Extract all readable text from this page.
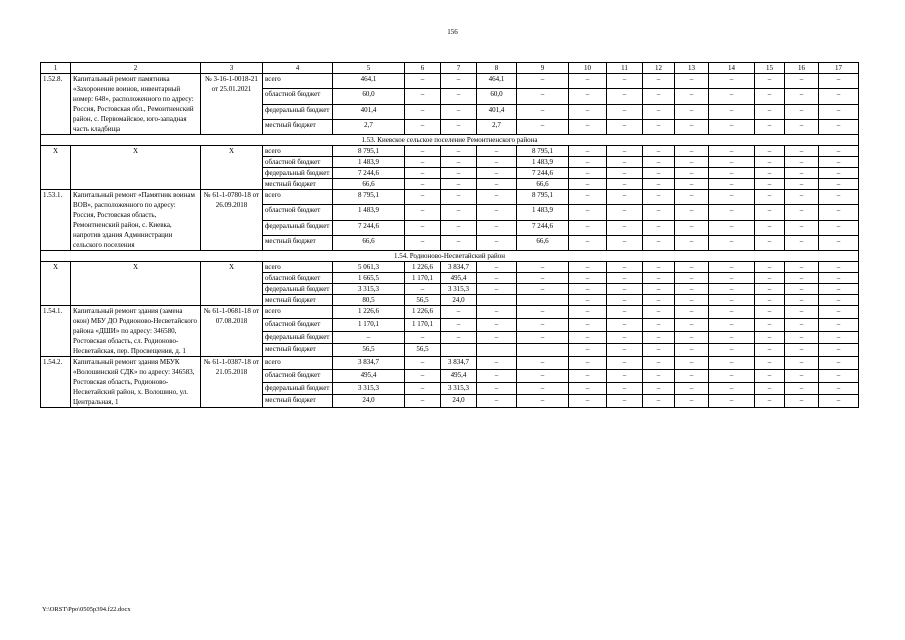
156
1	2	3	4	5	6	7	8	9	10	11	12	13	14	15	16	17
1.52.8.	Капитальный ремонт памятника «Захоронение воинов, инвентарный номер: 648», расположенного по адресу: Россия, Ростовская обл., Ремонтненский район, с. Первомайское, юго-западная часть кладбища	№ 3-16-1-0018-21 от 25.01.2021	всего	464,1	–	–	464,1	–	–	–	–	–	–	–	–	–
			областной бюджет	60,0	–	–	60,0	–	–	–	–	–	–	–	–	–
			федеральный бюджет	401,4	–	–	401,4	–	–	–	–	–	–	–	–	–
			местный бюджет	2,7	–	–	2,7	–	–	–	–	–	–	–	–	–
1.53. Киевское сельское поселение Ремонтненского района																
Х	Х	Х	всего	8 795,1	–	–	–	8 795,1	–	–	–	–	–	–	–	–
			областной бюджет	1 483,9	–	–	–	1 483,9	–	–	–	–	–	–	–	–
			федеральный бюджет	7 244,6	–	–	–	7 244,6	–	–	–	–	–	–	–	–
			местный бюджет	66,6	–	–	–	66,6	–	–	–	–	–	–	–	–
1.53.1.	Капитальный ремонт «Памятник воинам ВОВ», расположенного по адресу: Россия, Ростовская область, Ремонтненский район, с. Киевка, напротив здания Администрации сельского поселения	№ 61-1-0780-18 от 26.09.2018	всего	8 795,1	–	–	–	8 795,1	–	–	–	–	–	–	–	–
			областной бюджет	1 483,9	–	–	–	1 483,9	–	–	–	–	–	–	–	–
			федеральный бюджет	7 244,6	–	–	–	7 244,6	–	–	–	–	–	–	–	–
			местный бюджет	66,6	–	–	–	66,6	–	–	–	–	–	–	–	–
1.54. Родионово-Несветайский район																
Х	Х	Х	всего	5 061,3	1 226,6	3 834,7	–	–	–	–	–	–	–	–	–	–
			областной бюджет	1 665,5	1 170,1	495,4	–	–	–	–	–	–	–	–	–	–
			федеральный бюджет	3 315,3	–	3 315,3	–	–	–	–	–	–	–	–	–	–
			местный бюджет	80,5	56,5	24,0			–	–	–	–	–	–	–	–
1.54.1.	Капитальный ремонт здания (замена окон) МБУ ДО Родионово-Несветайского района «ДШИ» по адресу: 346580, Ростовская область, сл. Родионово-Несветайская, пер. Просвещения, д. 1	№ 61-1-0681-18 от 07.08.2018	всего	1 226,6	1 226,6	–	–	–	–	–	–	–	–	–	–	–
			областной бюджет	1 170,1	1 170,1	–	–	–	–	–	–	–	–	–	–	–
			федеральный бюджет	–	–	–	–	–	–	–	–	–	–	–	–	–
			местный бюджет	56,5	56,5				–	–	–	–	–	–	–	–
1.54.2.	Капитальный ремонт здания МБУК «Волошинский СДК» по адресу: 346583, Ростовская область, Родионово-Несветайский район, х. Волошино, ул. Центральная, 1	№ 61-1-0387-18 от 21.05.2018	всего	3 834,7	–	3 834,7	–	–	–	–	–	–	–	–	–	–
			областной бюджет	495,4	–	495,4	–	–	–	–	–	–	–	–	–	–
			федеральный бюджет	3 315,3	–	3 315,3	–	–	–	–	–	–	–	–	–	–
			местный бюджет	24,0	–	24,0	–	–	–	–	–	–	–	–	–	–
Y:\ORST\Ppo\0505p394.f22.docx
